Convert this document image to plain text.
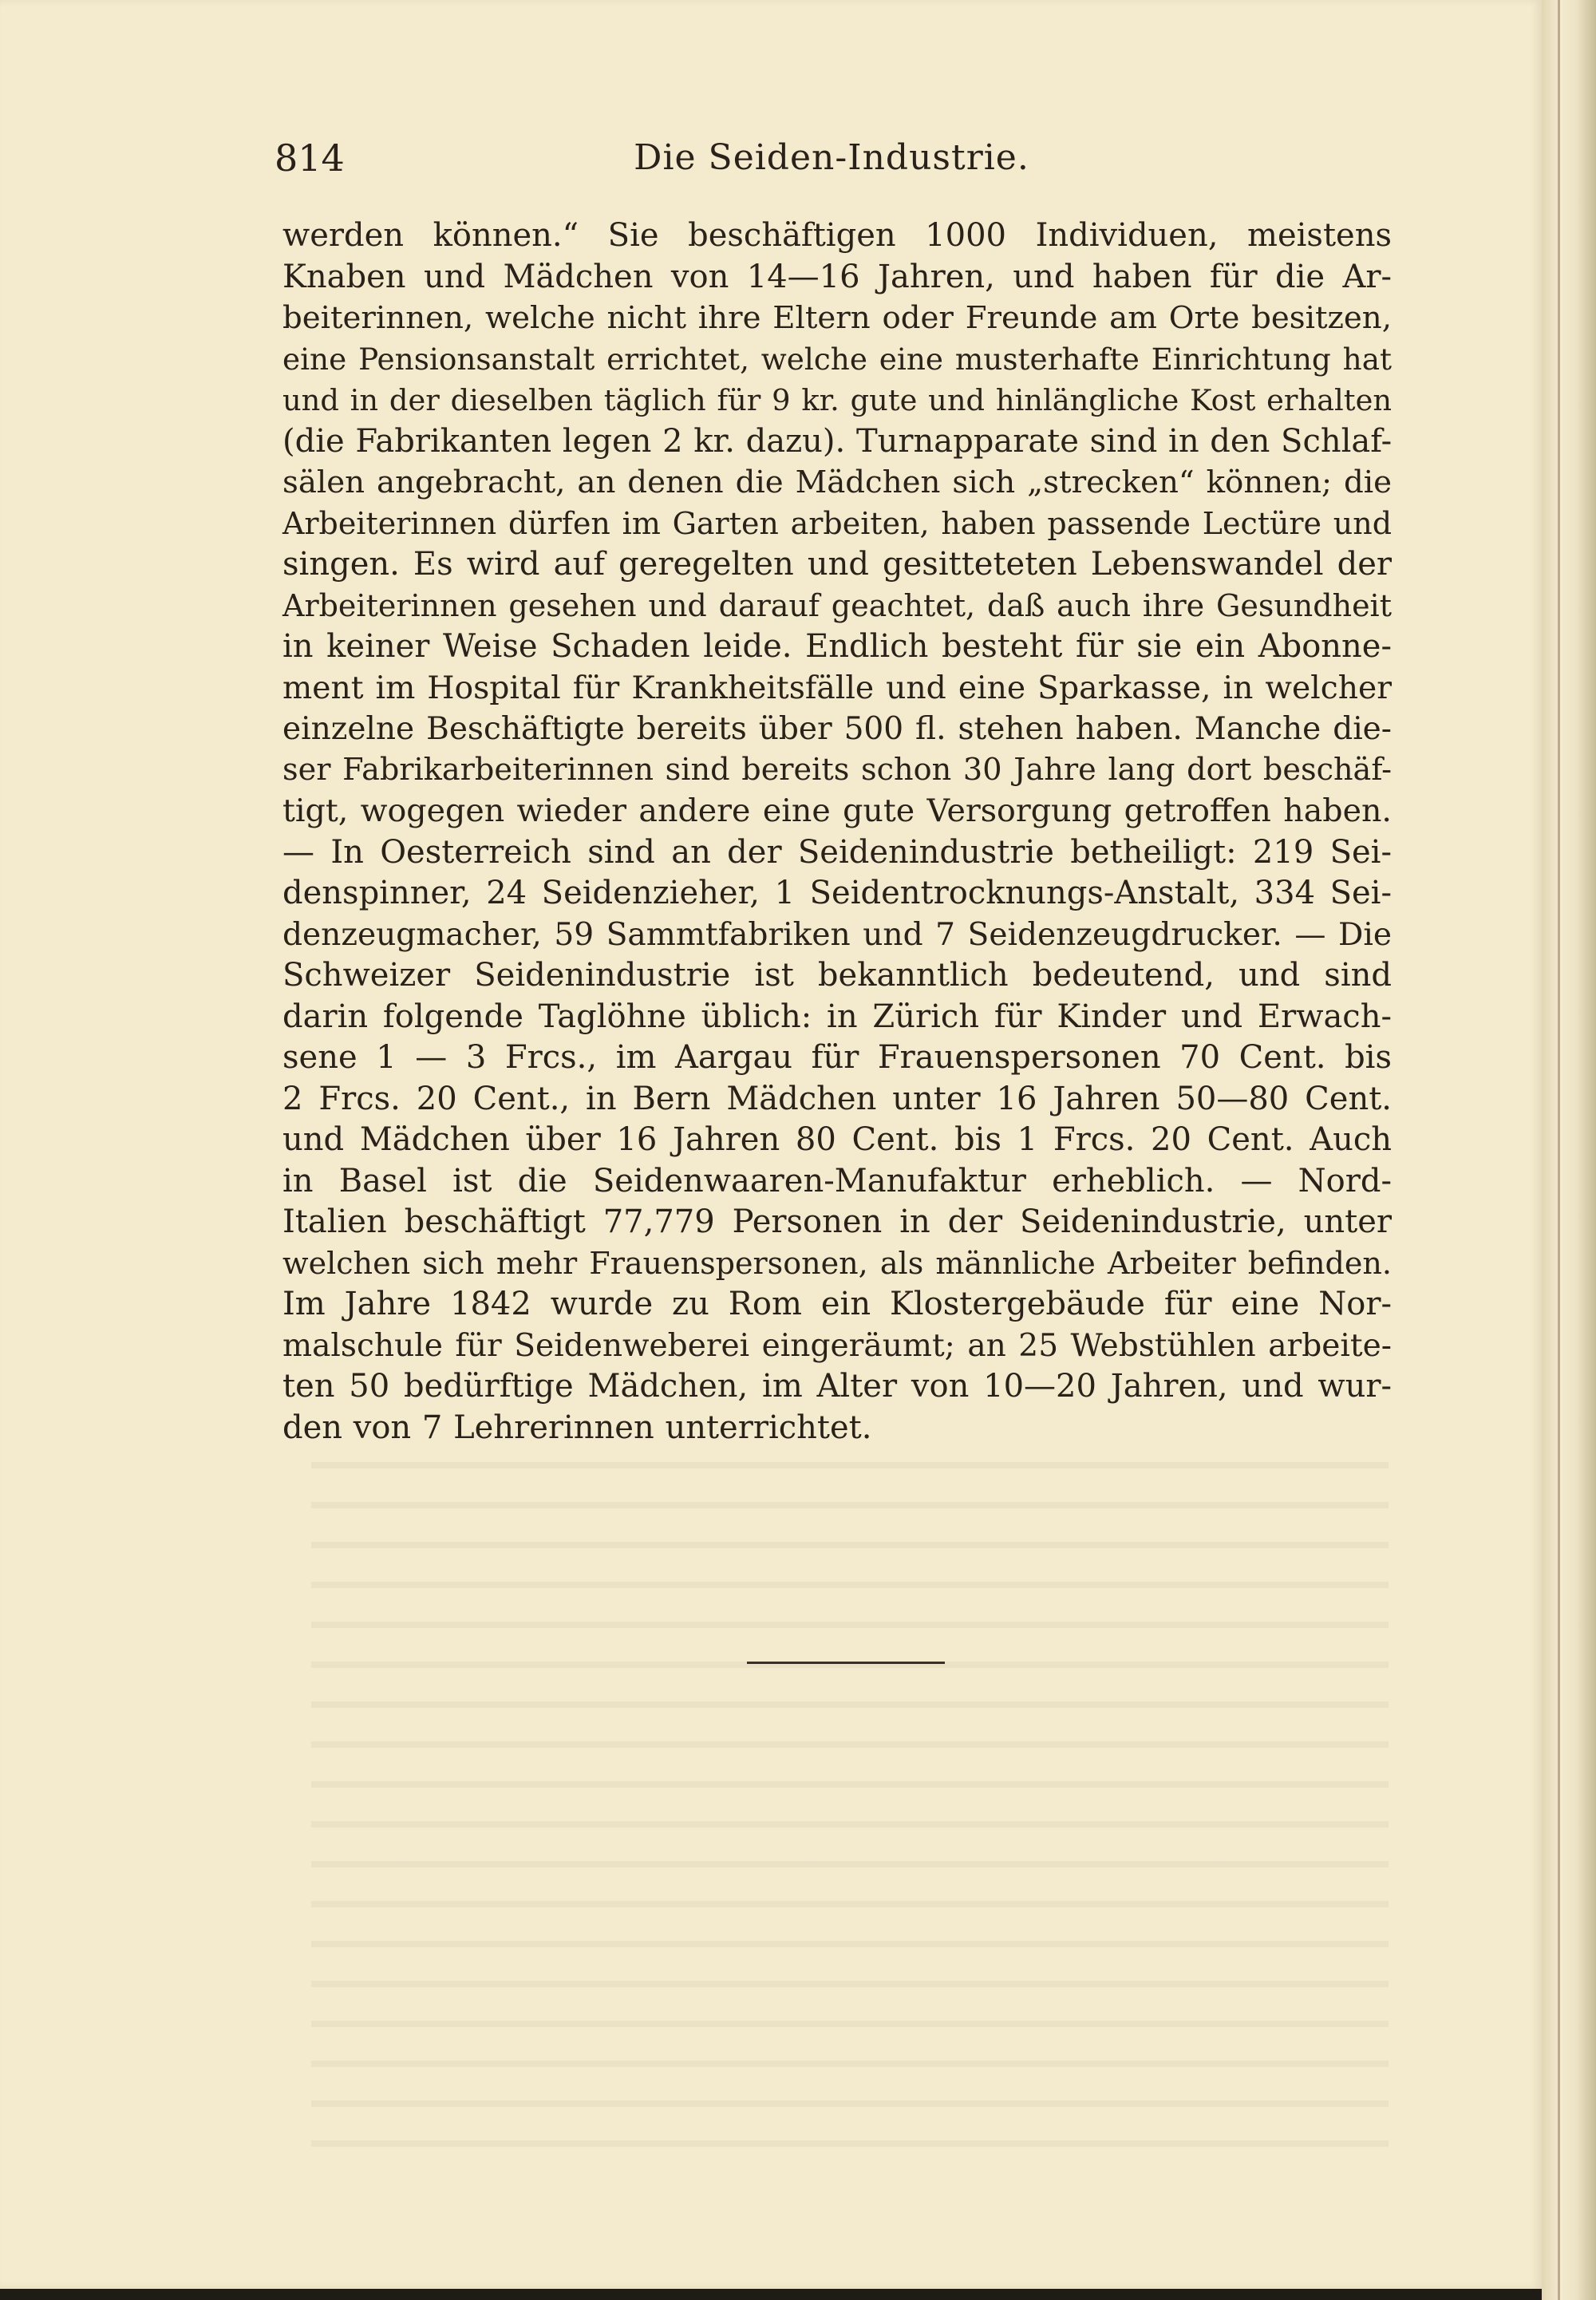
814	Die Seiden-Industrie.
werden können.“ Sie beschäftigen 1000 Individuen, meistens
Knaben und Mädchen von 14—16 Jahren, und haben für die Ar-
beiterinnen, welche nicht ihre Eltern oder Freunde am Orte besitzen,
eine Pensionsanstalt errichtet, welche eine musterhafte Einrichtung hat
und in der dieselben täglich für 9 kr. gute und hinlängliche Kost erhalten
(die Fabrikanten legen 2 kr. dazu). Turnapparate sind in den Schlaf-
sälen angebracht, an denen die Mädchen sich „strecken“ können; die
Arbeiterinnen dürfen im Garten arbeiten, haben passende Lectüre und
singen. Es wird auf geregelten und gesitteteten Lebenswandel der
Arbeiterinnen gesehen und darauf geachtet, daß auch ihre Gesundheit
in keiner Weise Schaden leide. Endlich besteht für sie ein Abonne-
ment im Hospital für Krankheitsfälle und eine Sparkasse, in welcher
einzelne Beschäftigte bereits über 500 fl. stehen haben. Manche die-
ser Fabrikarbeiterinnen sind bereits schon 30 Jahre lang dort beschäf-
tigt, wogegen wieder andere eine gute Versorgung getroffen haben.
— In Oesterreich sind an der Seidenindustrie betheiligt: 219 Sei-
denspinner, 24 Seidenzieher, 1 Seidentrocknungs-Anstalt, 334 Sei-
denzeugmacher, 59 Sammtfabriken und 7 Seidenzeugdrucker. — Die
Schweizer Seidenindustrie ist bekanntlich bedeutend, und sind
darin folgende Taglöhne üblich: in Zürich für Kinder und Erwach-
sene 1 — 3 Frcs., im Aargau für Frauenspersonen 70 Cent. bis
2 Frcs. 20 Cent., in Bern Mädchen unter 16 Jahren 50—80 Cent.
und Mädchen über 16 Jahren 80 Cent. bis 1 Frcs. 20 Cent. Auch
in Basel ist die Seidenwaaren-Manufaktur erheblich. — Nord-
Italien beschäftigt 77,779 Personen in der Seidenindustrie, unter
welchen sich mehr Frauenspersonen, als männliche Arbeiter befinden.
Im Jahre 1842 wurde zu Rom ein Klostergebäude für eine Nor-
malschule für Seidenweberei eingeräumt; an 25 Webstühlen arbeite-
ten 50 bedürftige Mädchen, im Alter von 10—20 Jahren, und wur-
den von 7 Lehrerinnen unterrichtet.
